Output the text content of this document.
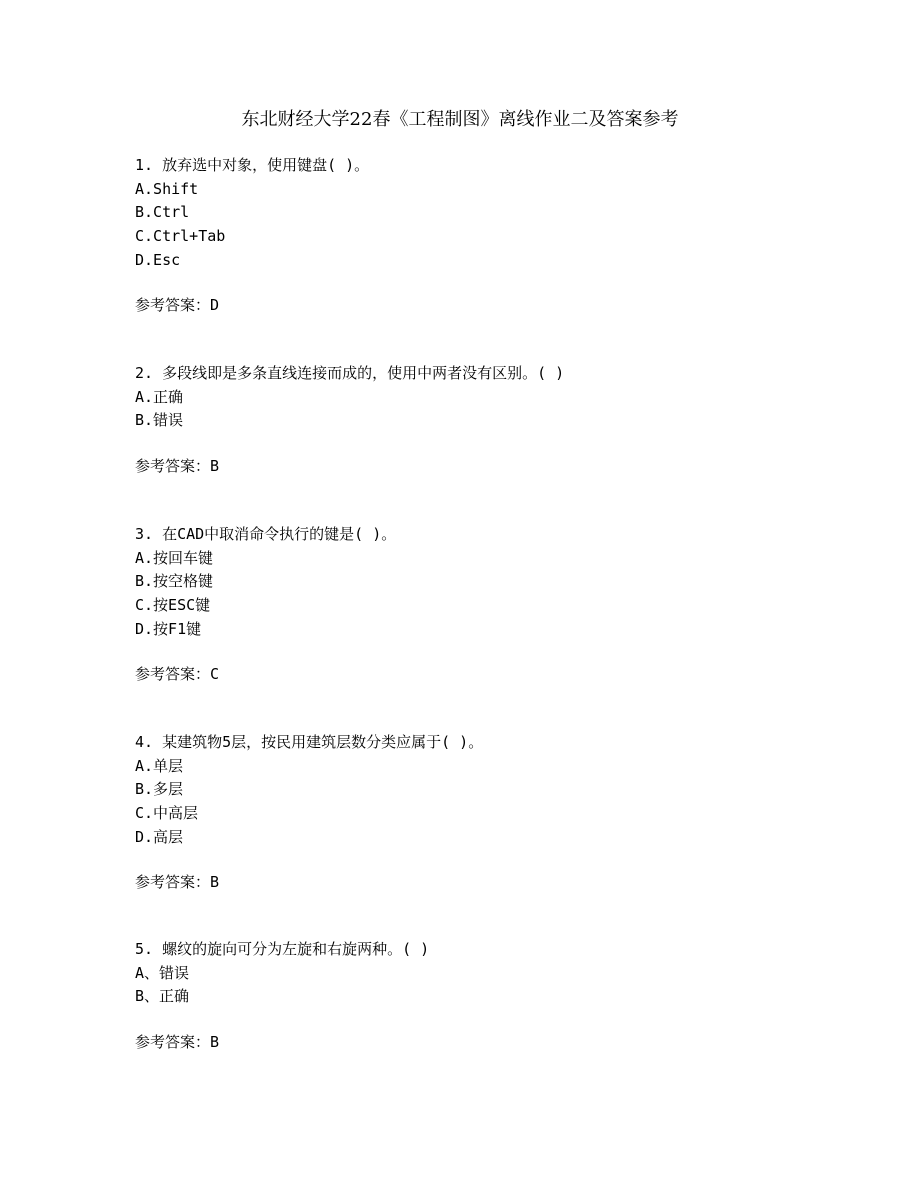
东北财经大学22春《工程制图》离线作业二及答案参考
1. 放弃选中对象，使用键盘( )。
A.Shift
B.Ctrl
C.Ctrl+Tab
D.Esc
参考答案：D
2. 多段线即是多条直线连接而成的，使用中两者没有区别。( )
A.正确
B.错误
参考答案：B
3. 在CAD中取消命令执行的键是( )。
A.按回车键
B.按空格键
C.按ESC键
D.按F1键
参考答案：C
4. 某建筑物5层，按民用建筑层数分类应属于( )。
A.单层
B.多层
C.中高层
D.高层
参考答案：B
5. 螺纹的旋向可分为左旋和右旋两种。( )
A、错误
B、正确
参考答案：B
